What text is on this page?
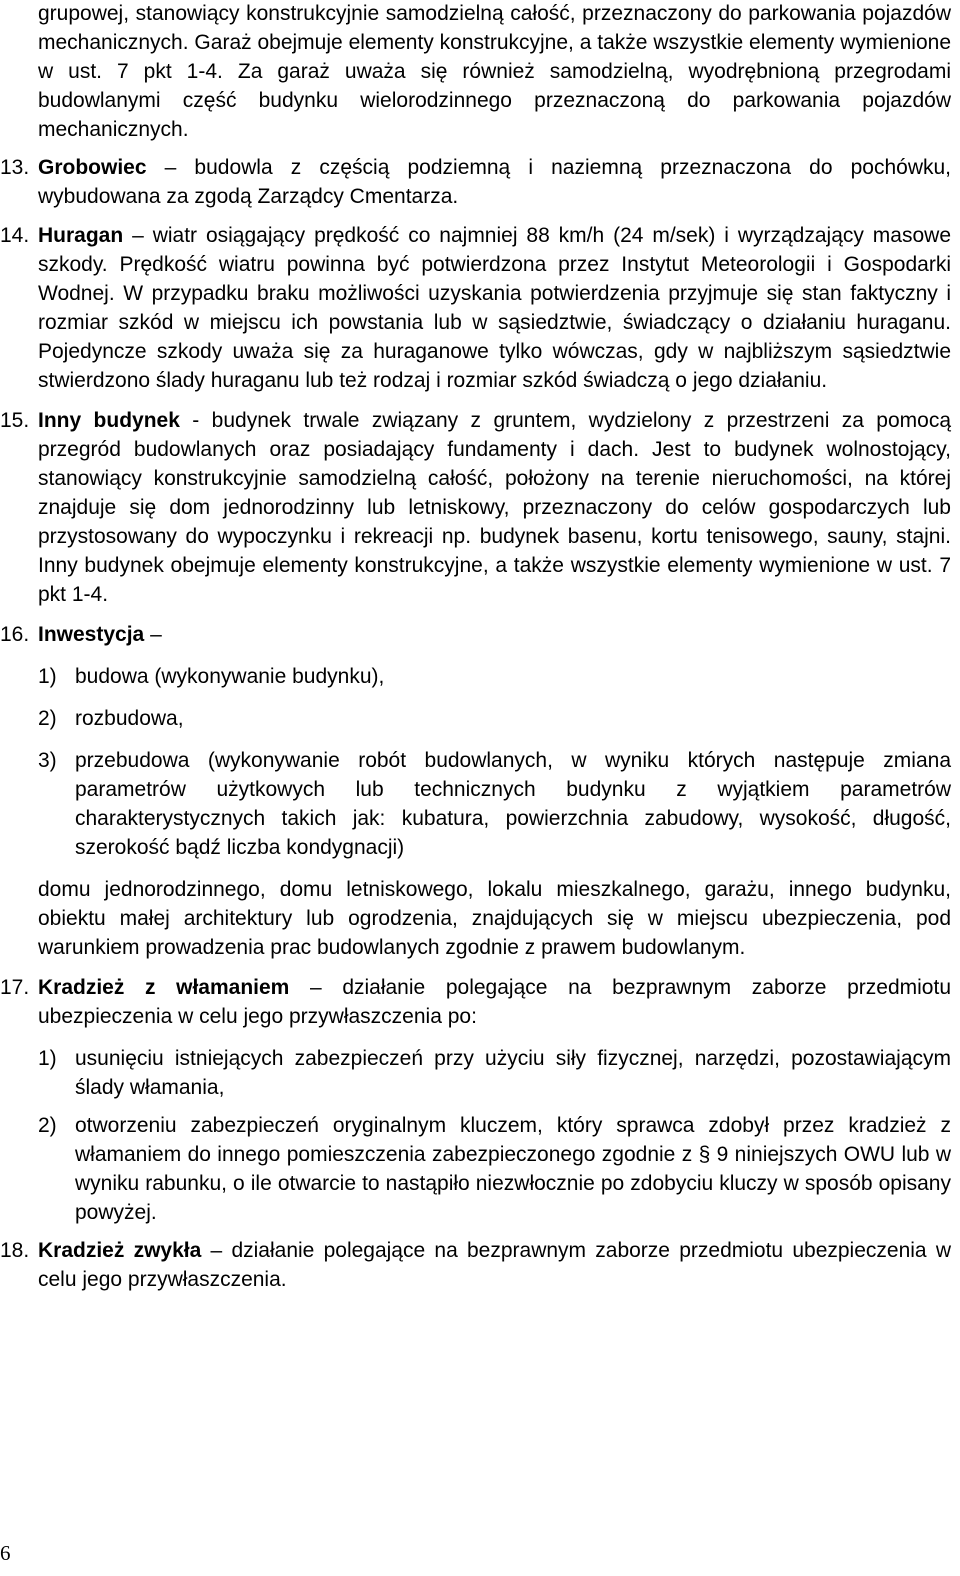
grupowej, stanowiący konstrukcyjnie samodzielną całość, przeznaczony do parkowania pojazdów mechanicznych. Garaż obejmuje elementy konstrukcyjne, a także wszystkie elementy wymienione w ust. 7 pkt 1-4. Za garaż uważa się również samodzielną, wyodrębnioną przegrodami budowlanymi część budynku wielorodzinnego przeznaczoną do parkowania pojazdów mechanicznych.

13. Grobowiec – budowla z częścią podziemną i naziemną przeznaczona do pochówku, wybudowana za zgodą Zarządcy Cmentarza.
14. Huragan – wiatr osiągający prędkość co najmniej 88 km/h (24 m/sek) i wyrządzający masowe szkody. Prędkość wiatru powinna być potwierdzona przez Instytut Meteorologii i Gospodarki Wodnej. W przypadku braku możliwości uzyskania potwierdzenia przyjmuje się stan faktyczny i rozmiar szkód w miejscu ich powstania lub w sąsiedztwie, świadczący o działaniu huraganu. Pojedyncze szkody uważa się za huraganowe tylko wówczas, gdy w najbliższym sąsiedztwie stwierdzono ślady huraganu lub też rodzaj i rozmiar szkód świadczą o jego działaniu.
15. Inny budynek - budynek trwale związany z gruntem, wydzielony z przestrzeni za pomocą przegród budowlanych oraz posiadający fundamenty i dach. Jest to budynek wolnostojący, stanowiący konstrukcyjnie samodzielną całość, położony na terenie nieruchomości, na której znajduje się dom jednorodzinny lub letniskowy, przeznaczony do celów gospodarczych lub przystosowany do wypoczynku i rekreacji np. budynek basenu, kortu tenisowego, sauny, stajni. Inny budynek obejmuje elementy konstrukcyjne, a także wszystkie elementy wymienione w ust. 7 pkt 1-4.
16. Inwestycja –
1) budowa (wykonywanie budynku),
2) rozbudowa,
3) przebudowa (wykonywanie robót budowlanych, w wyniku których następuje zmiana parametrów użytkowych lub technicznych budynku z wyjątkiem parametrów charakterystycznych takich jak: kubatura, powierzchnia zabudowy, wysokość, długość, szerokość bądź liczba kondygnacji)

domu jednorodzinnego, domu letniskowego, lokalu mieszkalnego, garażu, innego budynku, obiektu małej architektury lub ogrodzenia, znajdujących się w miejscu ubezpieczenia, pod warunkiem prowadzenia prac budowlanych zgodnie z prawem budowlanym.

17. Kradzież z włamaniem – działanie polegające na bezprawnym zaborze przedmiotu ubezpieczenia w celu jego przywłaszczenia po:
1) usunięciu istniejących zabezpieczeń przy użyciu siły fizycznej, narzędzi, pozostawiającym ślady włamania,
2) otworzeniu zabezpieczeń oryginalnym kluczem, który sprawca zdobył przez kradzież z włamaniem do innego pomieszczenia zabezpieczonego zgodnie z § 9 niniejszych OWU lub w wyniku rabunku, o ile otwarcie to nastąpiło niezwłocznie po zdobyciu kluczy w sposób opisany powyżej.
18. Kradzież zwykła – działanie polegające na bezprawnym zaborze przedmiotu ubezpieczenia w celu jego przywłaszczenia.
6
